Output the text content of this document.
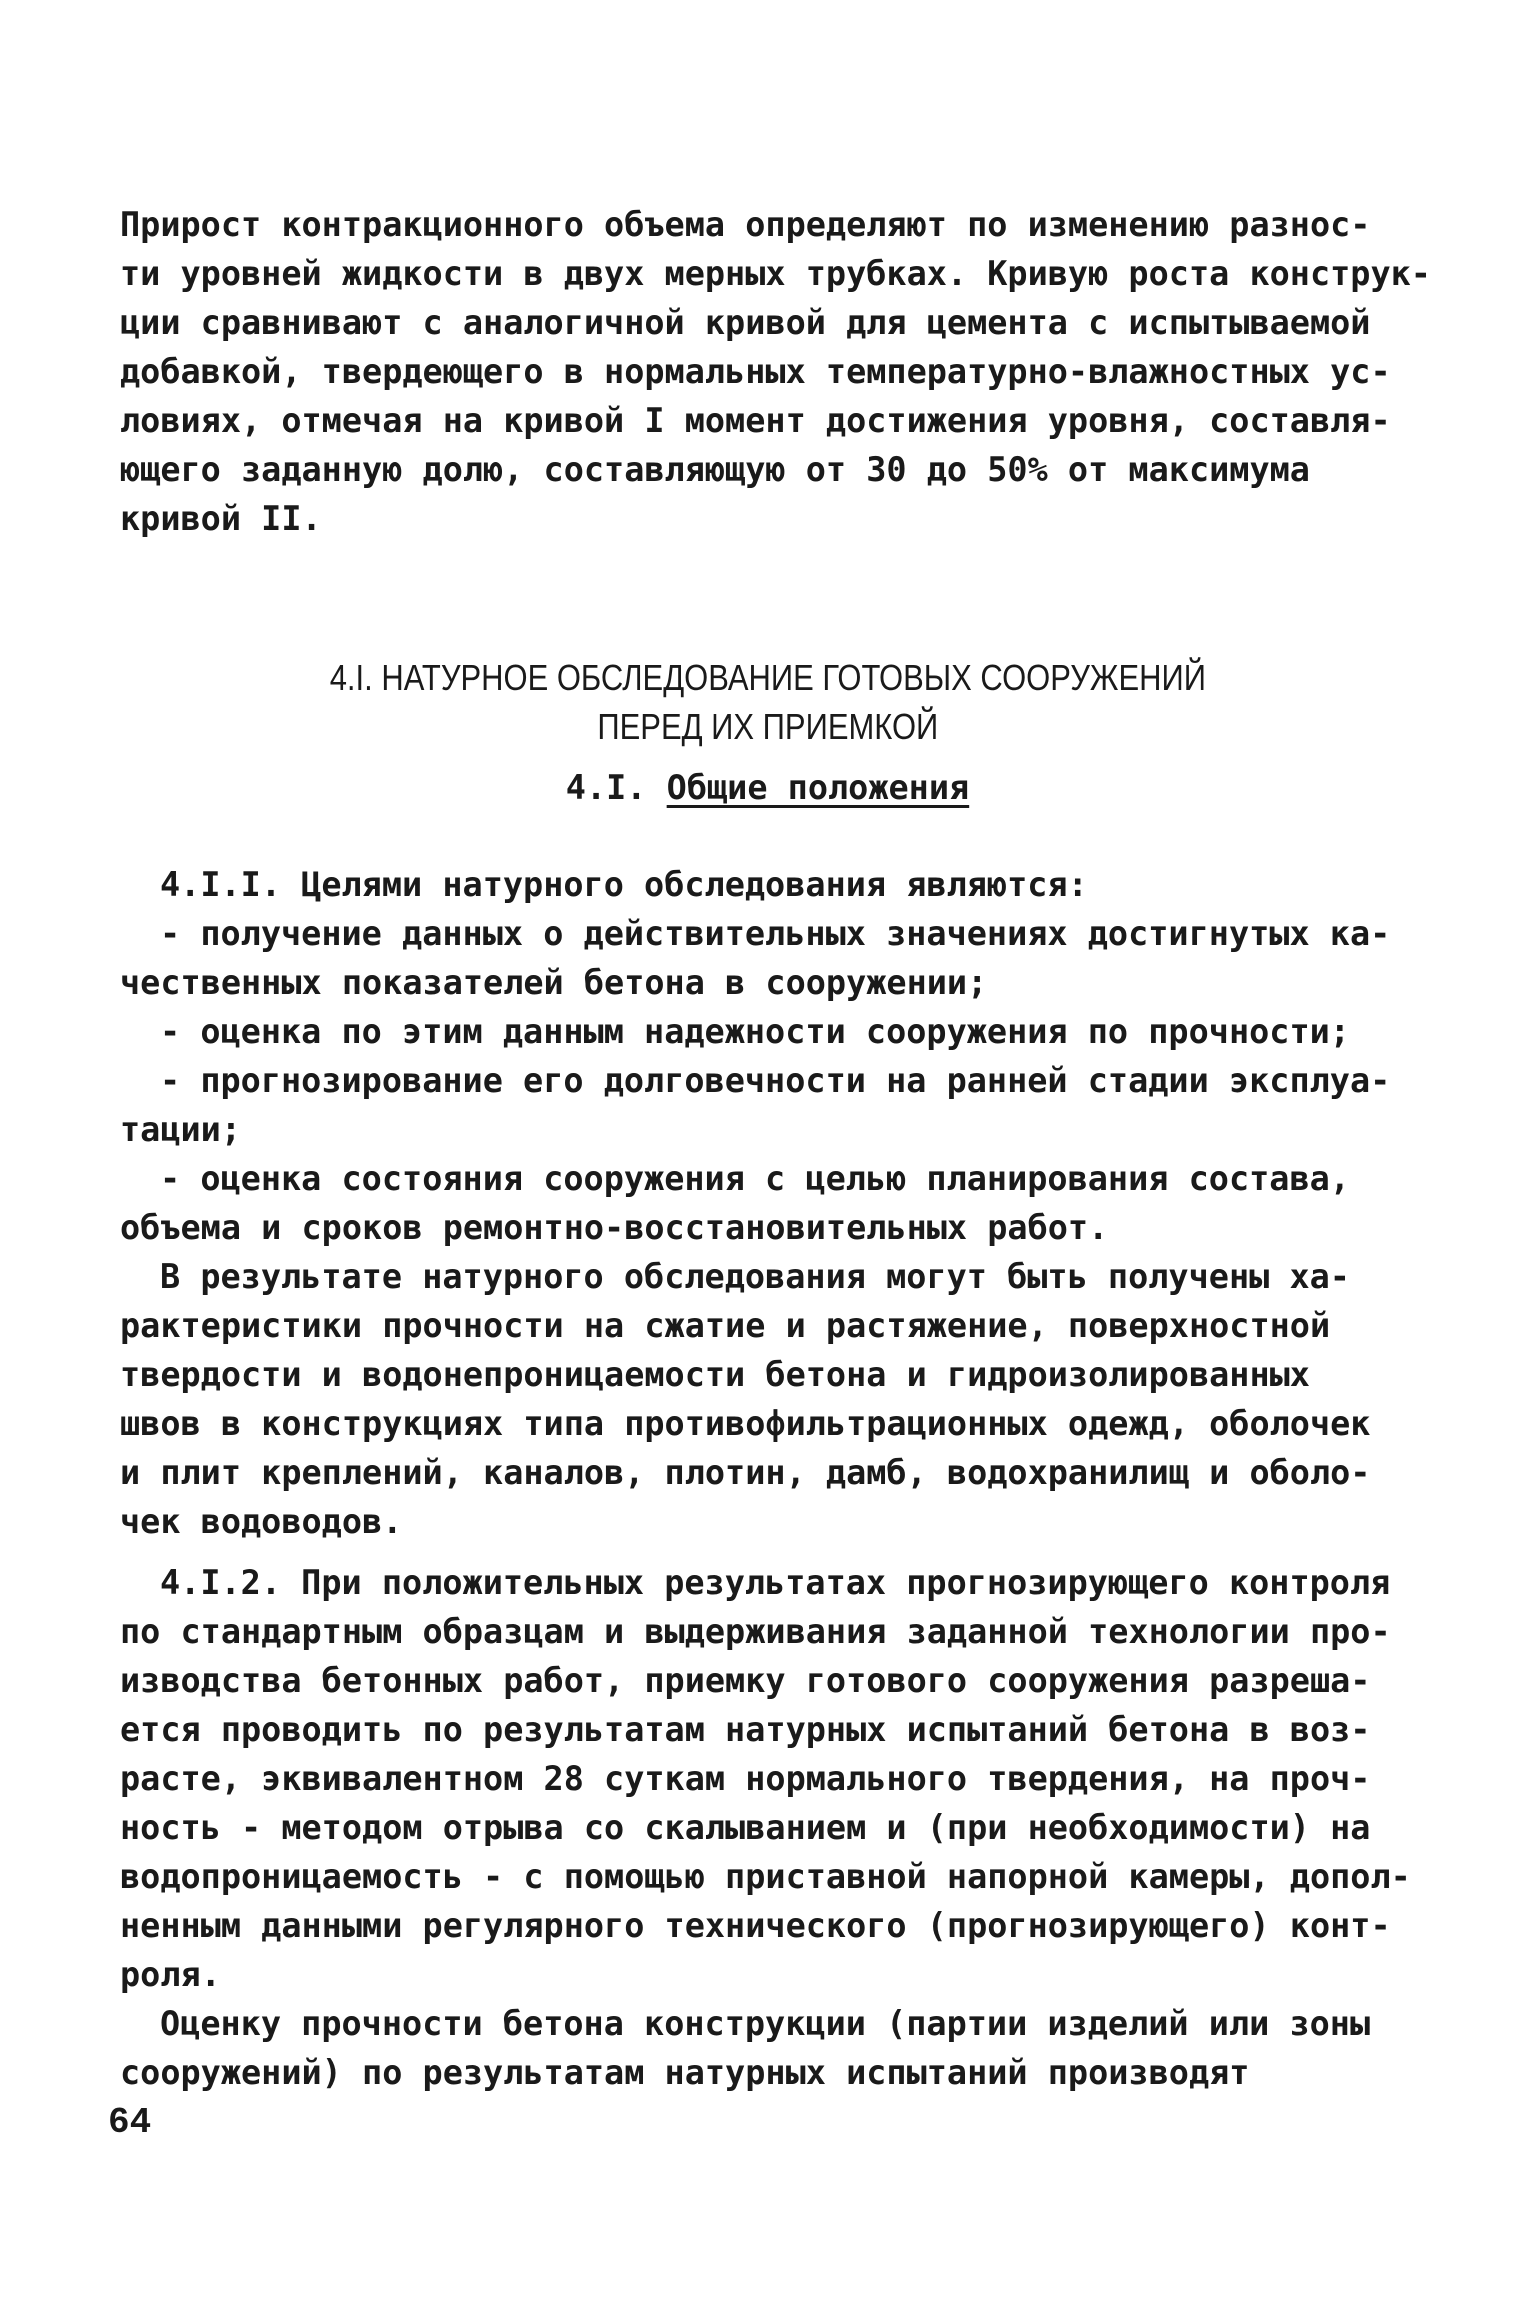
Прирост контракционного объема определяют по изменению разнос-

ти уровней жидкости в двух мерных трубках. Кривую роста конструк-

ции сравнивают с аналогичной кривой для цемента с испытываемой

добавкой, твердеющего в нормальных температурно-влажностных ус-

ловиях, отмечая на кривой I момент достижения уровня, составля-

ющего заданную долю, составляющую от 30 до 50% от максимума

кривой II.

4.I. НАТУРНОЕ ОБСЛЕДОВАНИЕ ГОТОВЫХ СООРУЖЕНИЙ

ПЕРЕД ИХ ПРИЕМКОЙ

4.I. Общие положения

4.I.I. Целями натурного обследования являются:

- получение данных о действительных значениях достигнутых ка-

чественных показателей бетона в сооружении;

- оценка по этим данным надежности сооружения по прочности;

- прогнозирование его долговечности на ранней стадии эксплуа-

тации;

- оценка состояния сооружения с целью планирования состава,

объема и сроков ремонтно-восстановительных работ.

В результате натурного обследования могут быть получены ха-

рактеристики прочности на сжатие и растяжение, поверхностной

твердости и водонепроницаемости бетона и гидроизолированных

швов в конструкциях типа противофильтрационных одежд, оболочек

и плит креплений, каналов, плотин, дамб, водохранилищ и оболо-

чек водоводов.

4.I.2. При положительных результатах прогнозирующего контроля

по стандартным образцам и выдерживания заданной технологии про-

изводства бетонных работ, приемку готового сооружения разреша-

ется проводить по результатам натурных испытаний бетона в воз-

расте, эквивалентном 28 суткам нормального твердения, на проч-

ность - методом отрыва со скалыванием и (при необходимости) на

водопроницаемость - с помощью приставной напорной камеры, допол-

ненным данными регулярного технического (прогнозирующего) конт-

роля.

Оценку прочности бетона конструкции (партии изделий или зоны

сооружений) по результатам натурных испытаний производят

64
